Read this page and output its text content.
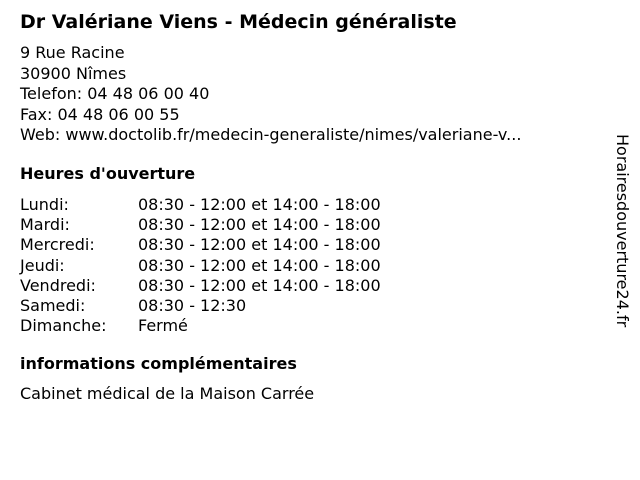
Dr Valériane Viens - Médecin généraliste
9 Rue Racine
30900 Nîmes
Telefon: 04 48 06 00 40
Fax: 04 48 06 00 55
Web: www.doctolib.fr/medecin-generaliste/nimes/valeriane-v...
Heures d'ouverture
Lundi:	08:30 - 12:00 et 14:00 - 18:00
Mardi:	08:30 - 12:00 et 14:00 - 18:00
Mercredi:	08:30 - 12:00 et 14:00 - 18:00
Jeudi:	08:30 - 12:00 et 14:00 - 18:00
Vendredi:	08:30 - 12:00 et 14:00 - 18:00
Samedi:	08:30 - 12:30
Dimanche: Fermé
informations complémentaires
Cabinet médical de la Maison Carrée
Horairesdouverture24.fr
